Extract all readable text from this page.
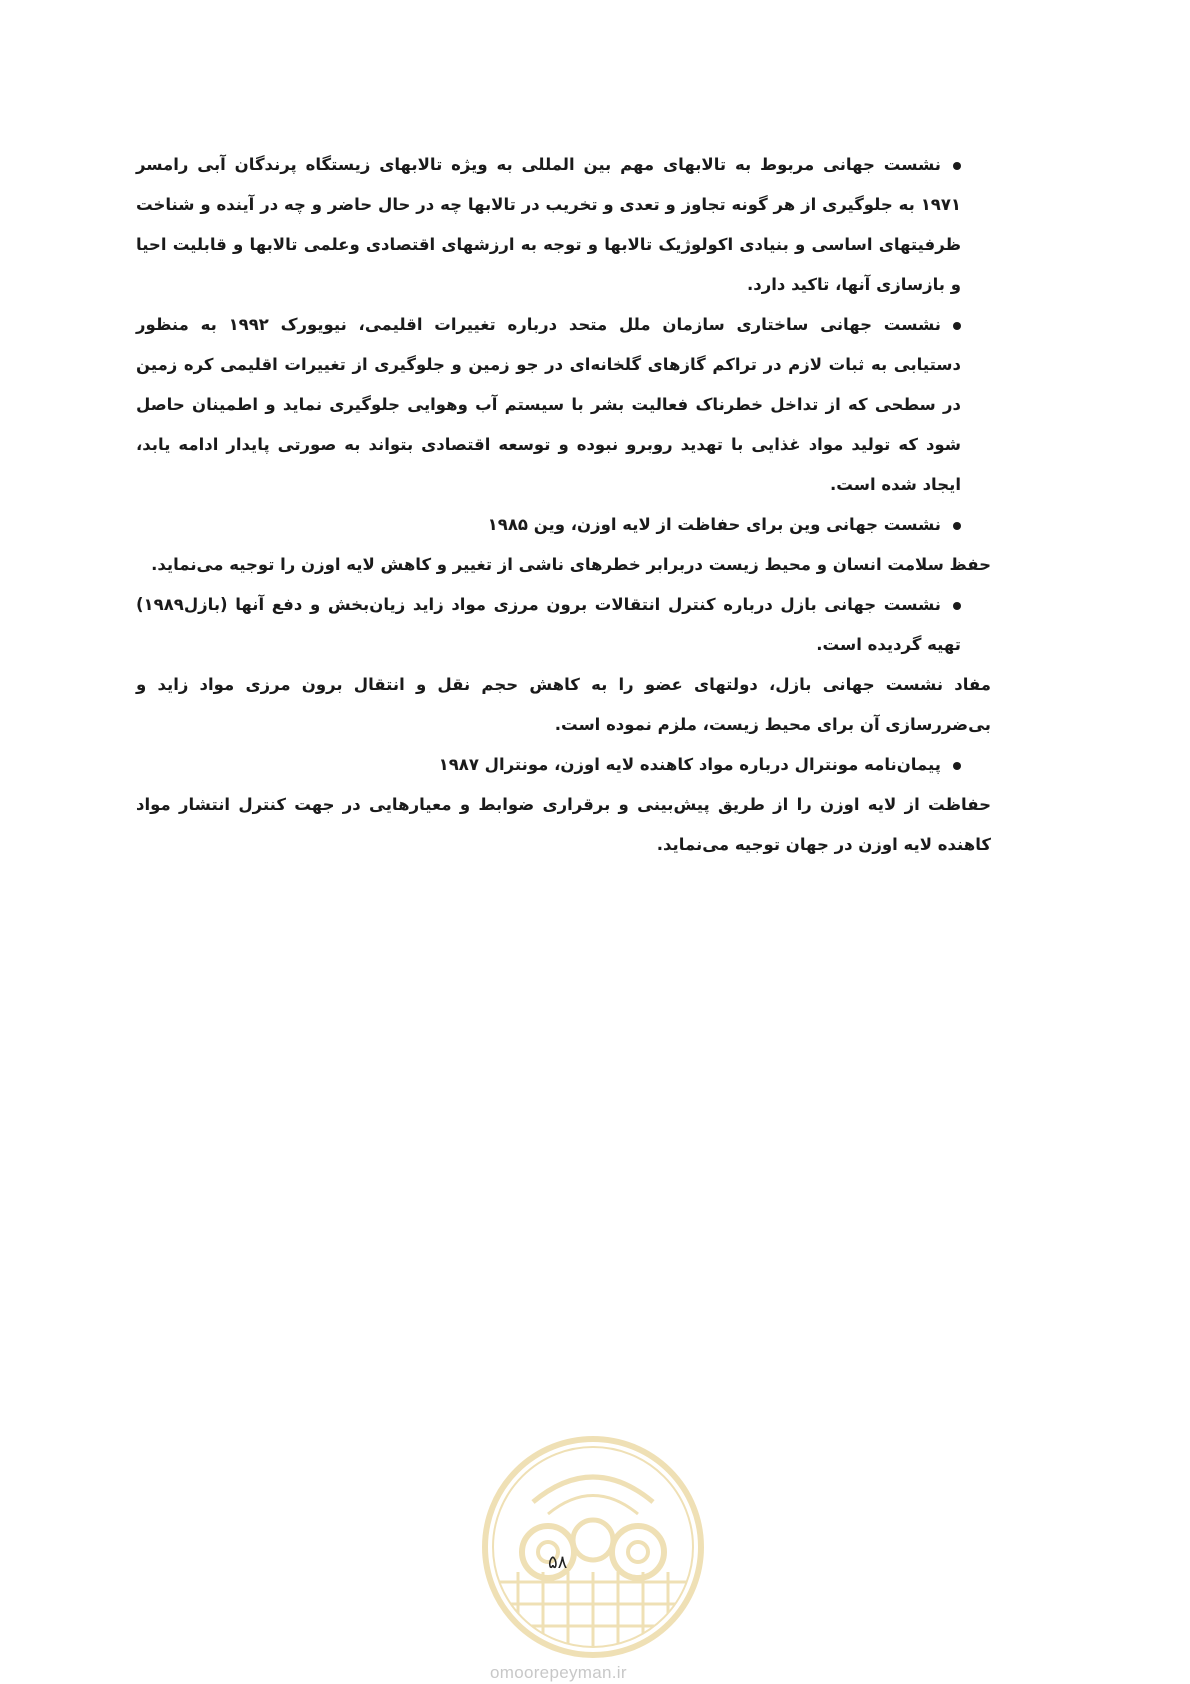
نشست جهانی مربوط به تالابهای مهم بین المللی به ویژه تالابهای زیستگاه پرندگان آبی رامسر ۱۹۷۱ به جلوگیری از هر گونه تجاوز و تعدی و تخریب در تالابها چه در حال حاضر و چه در آینده و شناخت ظرفیتهای اساسی و بنیادی اکولوژیک تالابها و توجه به ارزشهای اقتصادی وعلمی تالابها و قابلیت احیا و بازسازی آنها، تاکید دارد.

نشست جهانی ساختاری سازمان ملل متحد درباره تغییرات اقلیمی، نیویورک ۱۹۹۲ به منظور دستیابی به ثبات لازم در تراکم گازهای گلخانه‌ای در جو زمین و جلوگیری از تغییرات اقلیمی کره زمین در سطحی که از تداخل خطرناک فعالیت بشر با سیستم آب وهوایی جلوگیری نماید و اطمینان حاصل شود که تولید مواد غذایی با تهدید روبرو نبوده و توسعه اقتصادی بتواند به صورتی پایدار ادامه یابد، ایجاد شده است.

نشست جهانی وین برای حفاظت از لایه اوزن، وین ۱۹۸۵

حفظ سلامت انسان و محیط زیست دربرابر خطرهای ناشی از تغییر و کاهش لایه اوزن را توجیه می‌نماید.

نشست جهانی بازل درباره کنترل انتقالات برون مرزی مواد زاید زیان‌بخش و دفع آنها (بازل۱۹۸۹) تهیه گردیده است.

مفاد نشست جهانی بازل، دولتهای عضو را به کاهش حجم نقل و انتقال برون مرزی مواد زاید و بی‌ضررسازی آن برای محیط زیست، ملزم نموده است.

پیمان‌نامه مونترال درباره مواد کاهنده لایه اوزن، مونترال ۱۹۸۷

حفاظت از لایه اوزن را از طریق پیش‌بینی و برقراری ضوابط و معیارهایی در جهت کنترل انتشار مواد کاهنده لایه اوزن در جهان توجیه می‌نماید.

۵۸
omoorepeyman.ir
